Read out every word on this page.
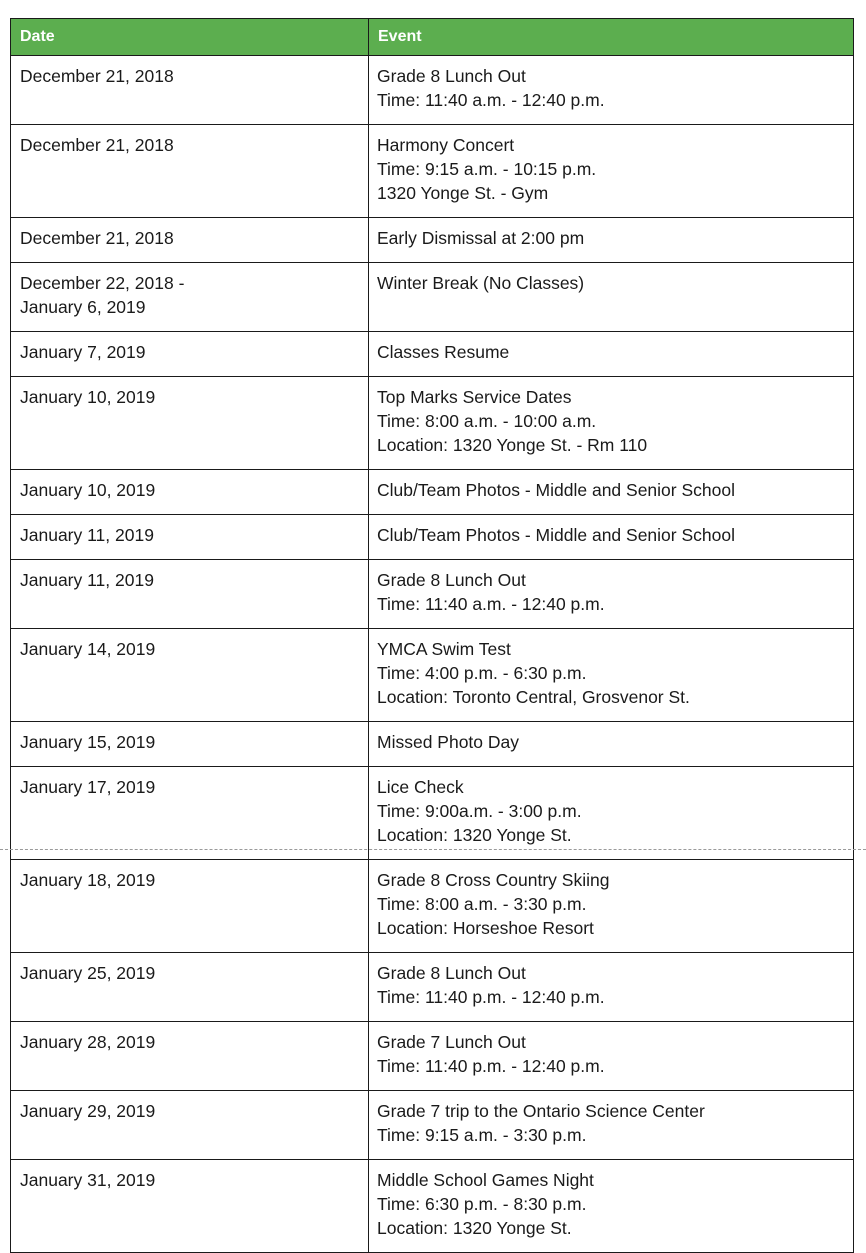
Date	Event

December 21, 2018	Grade 8 Lunch Out
Time: 11:40 a.m. - 12:40 p.m.

December 21, 2018	Harmony Concert
Time: 9:15 a.m. - 10:15 p.m.
1320 Yonge St. - Gym

December 21, 2018	Early Dismissal at 2:00 pm

December 22, 2018 -
January 6, 2019	Winter Break (No Classes)

January 7, 2019	Classes Resume

January 10, 2019	Top Marks Service Dates
Time: 8:00 a.m. - 10:00 a.m.
Location: 1320 Yonge St. - Rm 110

January 10, 2019	Club/Team Photos - Middle and Senior School

January 11, 2019	Club/Team Photos - Middle and Senior School

January 11, 2019	Grade 8 Lunch Out
Time: 11:40 a.m. - 12:40 p.m.

January 14, 2019	YMCA Swim Test
Time: 4:00 p.m. - 6:30 p.m.
Location: Toronto Central, Grosvenor St.

January 15, 2019	Missed Photo Day

January 17, 2019	Lice Check
Time: 9:00a.m. - 3:00 p.m.
Location: 1320 Yonge St.

January 18, 2019	Grade 8 Cross Country Skiing
Time: 8:00 a.m. - 3:30 p.m.
Location: Horseshoe Resort

January 25, 2019	Grade 8 Lunch Out
Time: 11:40 p.m. - 12:40 p.m.

January 28, 2019	Grade 7 Lunch Out
Time: 11:40 p.m. - 12:40 p.m.

January 29, 2019	Grade 7 trip to the Ontario Science Center
Time: 9:15 a.m. - 3:30 p.m.

January 31, 2019	Middle School Games Night
Time: 6:30 p.m. - 8:30 p.m.
Location: 1320 Yonge St.
